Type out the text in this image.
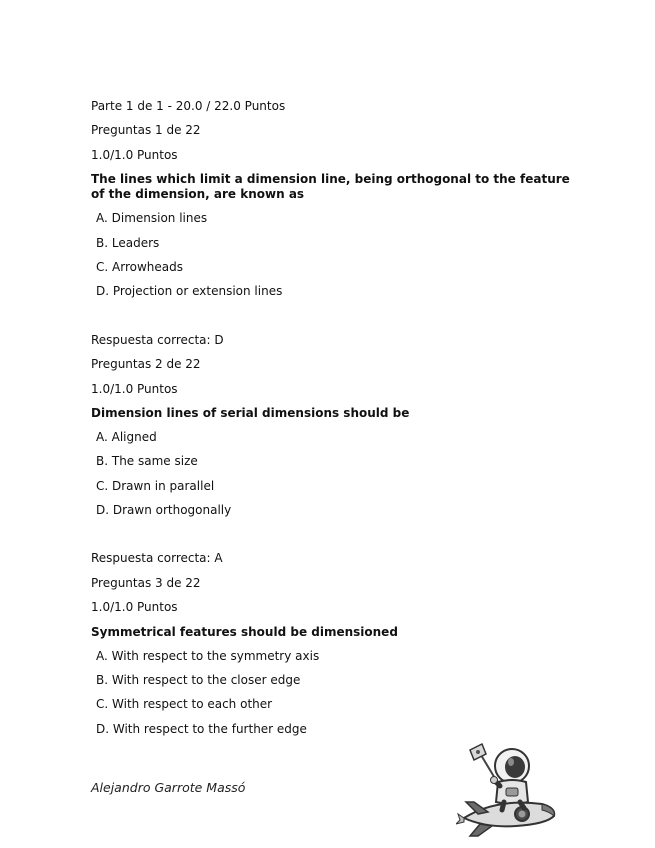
Parte 1 de 1 - 20.0 / 22.0 Puntos
Preguntas 1 de 22
1.0/1.0 Puntos
The lines which limit a dimension line, being orthogonal to the feature of the dimension, are known as
A. Dimension lines
B. Leaders
C. Arrowheads
D. Projection or extension lines
Respuesta correcta: D
Preguntas 2 de 22
1.0/1.0 Puntos
Dimension lines of serial dimensions should be
A. Aligned
B. The same size
C. Drawn in parallel
D. Drawn orthogonally
Respuesta correcta: A
Preguntas 3 de 22
1.0/1.0 Puntos
Symmetrical features should be dimensioned
A. With respect to the symmetry axis
B. With respect to the closer edge
C. With respect to each other
D. With respect to the further edge
Alejandro Garrote Massó
